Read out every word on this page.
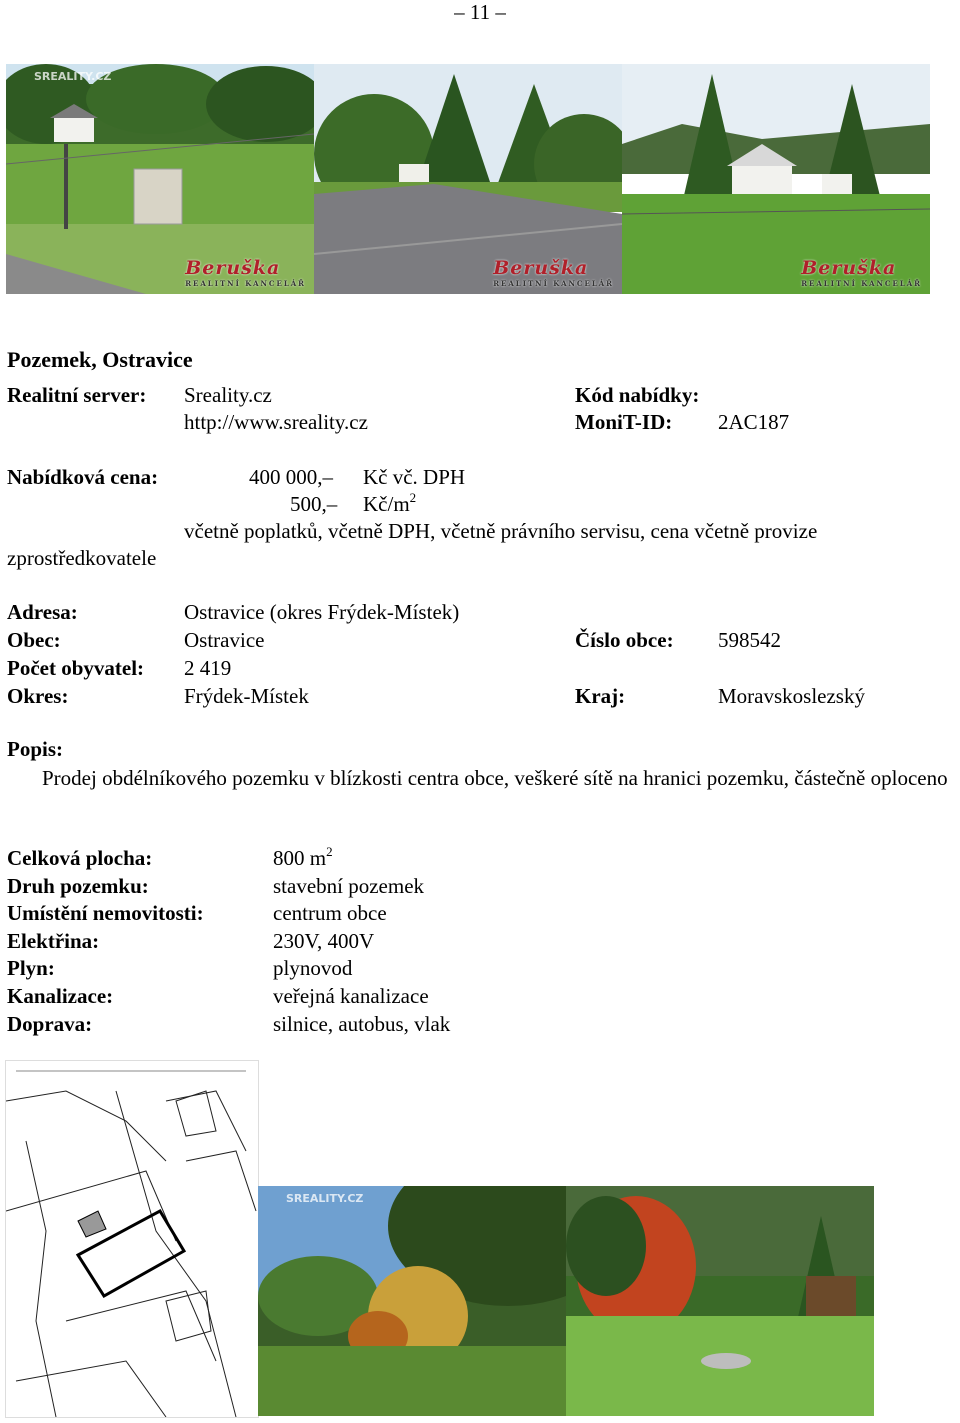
– 11 –
SREALITY.CZ
Beruška
REALITNÍ KANCELÁŘ
Beruška
REALITNÍ KANCELÁŘ
Beruška
REALITNÍ KANCELÁŘ
Pozemek, Ostravice
Realitní server: Sreality.cz
http://www.sreality.cz
Kód nabídky:
MoniT-ID: 2AC187
Nabídková cena:	400 000,– Kč vč. DPH
500,– $Kč/m^2$
včetně poplatků, včetně DPH, včetně právního servisu, cena včetně provize
zprostředkovatele
Adresa:	Ostravice (okres Frýdek-Místek)
Obec:	Ostravice	Číslo obce: 598542
Počet obyvatel: 2 419
Okres:	Frýdek-Místek	Kraj:	Moravskoslezský
Popis:
Prodej obdélníkového pozemku v blízkosti centra obce, veškeré sítě na hranici pozemku, částečně oploceno
Celková plocha:	800 $m^2$
Druh pozemku:	stavební pozemek
Umístění nemovitosti:	centrum obce
Elektřina:	230V, 400V
Plyn:	plynovod
Kanalizace:	veřejná kanalizace
Doprava:	silnice, autobus, vlak
SREALITY.CZ
